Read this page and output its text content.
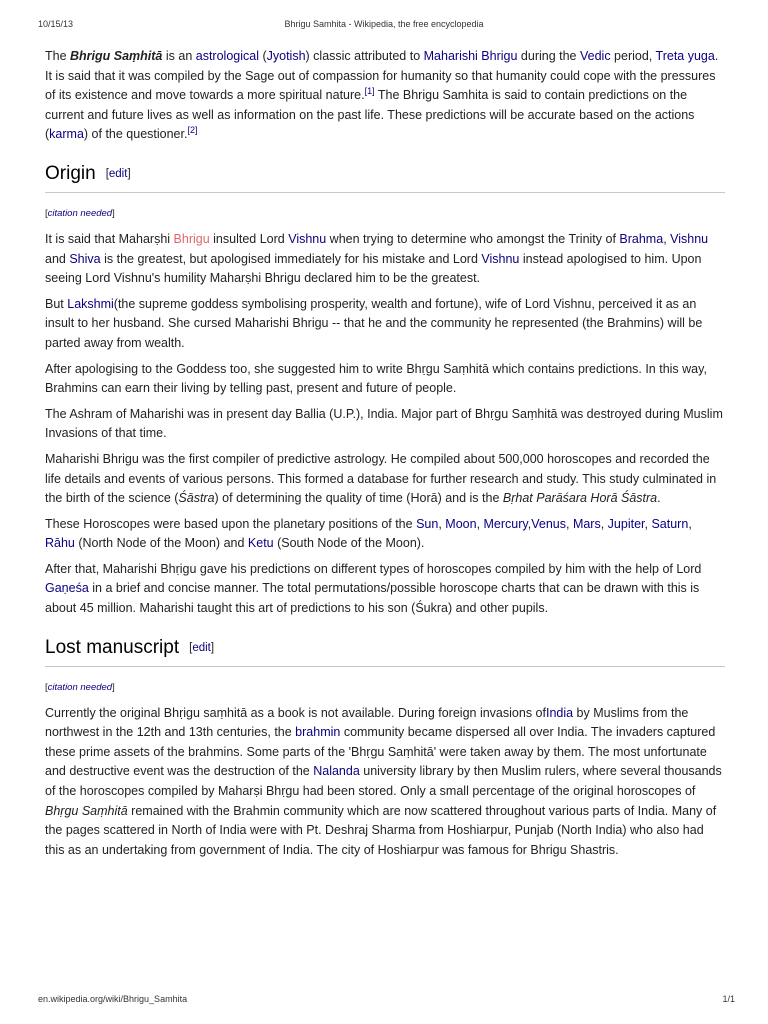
10/15/13	Bhrigu Samhita - Wikipedia, the free encyclopedia

The Bhrigu Saṃhitā is an astrological (Jyotish) classic attributed to Maharishi Bhrigu during the Vedic period, Treta yuga. It is said that it was compiled by the Sage out of compassion for humanity so that humanity could cope with the pressures of its existence and move towards a more spiritual nature.[1] The Bhrigu Samhita is said to contain predictions on the current and future lives as well as information on the past life. These predictions will be accurate based on the actions (karma) of the questioner.[2]

Origin [edit]
[citation needed]

It is said that Maharṣhi Bhrigu insulted Lord Vishnu when trying to determine who amongst the Trinity of Brahma, Vishnu and Shiva is the greatest, but apologised immediately for his mistake and Lord Vishnu instead apologised to him. Upon seeing Lord Vishnu's humility Maharṣhi Bhrigu declared him to be the greatest.

But Lakshmi(the supreme goddess symbolising prosperity, wealth and fortune), wife of Lord Vishnu, perceived it as an insult to her husband. She cursed Maharishi Bhrigu -- that he and the community he represented (the Brahmins) will be parted away from wealth.

After apologising to the Goddess too, she suggested him to write Bhṛgu Saṃhitā which contains predictions. In this way, Brahmins can earn their living by telling past, present and future of people.

The Ashram of Maharishi was in present day Ballia (U.P.), India. Major part of Bhṛgu Saṃhitā was destroyed during Muslim Invasions of that time.

Maharishi Bhrigu was the first compiler of predictive astrology. He compiled about 500,000 horoscopes and recorded the life details and events of various persons. This formed a database for further research and study. This study culminated in the birth of the science (Śāstra) of determining the quality of time (Horā) and is the Bṛhat Parāśara Horā Śāstra.

These Horoscopes were based upon the planetary positions of the Sun, Moon, Mercury,Venus, Mars, Jupiter, Saturn, Rāhu (North Node of the Moon) and Ketu (South Node of the Moon).

After that, Maharishi Bhṛigu gave his predictions on different types of horoscopes compiled by him with the help of Lord Gaṇeśa in a brief and concise manner. The total permutations/possible horoscope charts that can be drawn with this is about 45 million. Maharishi taught this art of predictions to his son (Śukra) and other pupils.

Lost manuscript [edit]
[citation needed]

Currently the original Bhṛigu saṃhitā as a book is not available. During foreign invasions ofIndia by Muslims from the northwest in the 12th and 13th centuries, the brahmin community became dispersed all over India. The invaders captured these prime assets of the brahmins. Some parts of the 'Bhṛgu Saṃhitā' were taken away by them. The most unfortunate and destructive event was the destruction of the Nalanda university library by then Muslim rulers, where several thousands of the horoscopes compiled by Maharṣi Bhṛgu had been stored. Only a small percentage of the original horoscopes of Bhṛgu Saṃhitā remained with the Brahmin community which are now scattered throughout various parts of India. Many of the pages scattered in North of India were with Pt. Deshraj Sharma from Hoshiarpur, Punjab (North India) who also had this as an undertaking from government of India. The city of Hoshiarpur was famous for Bhrigu Shastris.

en.wikipedia.org/wiki/Bhrigu_Samhita	1/1
